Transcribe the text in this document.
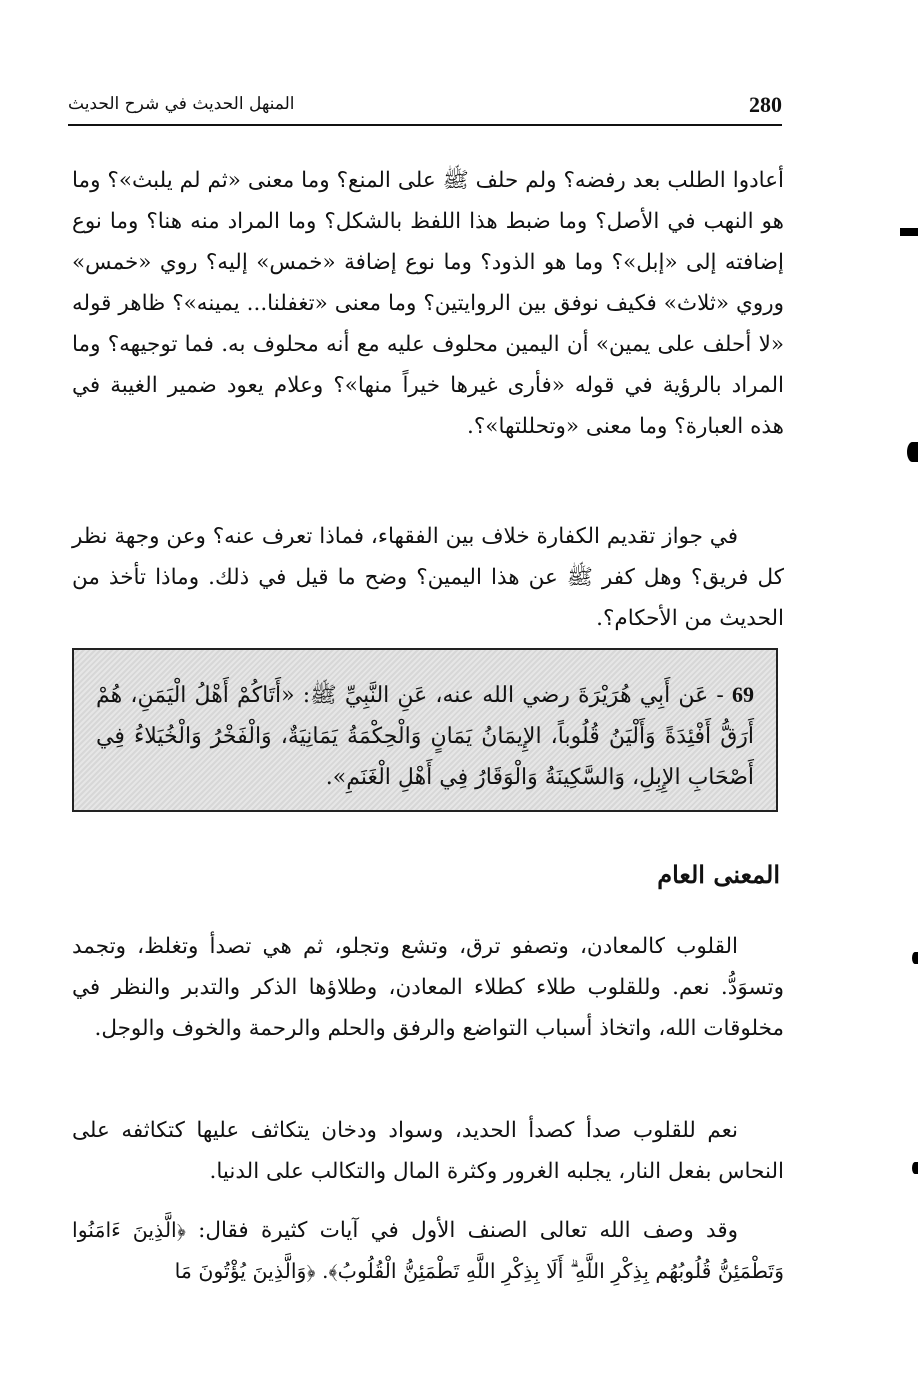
280
المنهل الحديث في شرح الحديث

أعادوا الطلب بعد رفضه؟ ولم حلف ﷺ على المنع؟ وما معنى «ثم لم يلبث»؟ وما هو النهب في الأصل؟ وما ضبط هذا اللفظ بالشكل؟ وما المراد منه هنا؟ وما نوع إضافته إلى «إبل»؟ وما هو الذود؟ وما نوع إضافة «خمس» إليه؟ روي «خمس» وروي «ثلاث» فكيف نوفق بين الروايتين؟ وما معنى «تغفلنا... يمينه»؟ ظاهر قوله «لا أحلف على يمين» أن اليمين محلوف عليه مع أنه محلوف به. فما توجيهه؟ وما المراد بالرؤية في قوله «فأرى غيرها خيراً منها»؟ وعلام يعود ضمير الغيبة في هذه العبارة؟ وما معنى «وتحللتها»؟.

في جواز تقديم الكفارة خلاف بين الفقهاء، فماذا تعرف عنه؟ وعن وجهة نظر كل فريق؟ وهل كفر ﷺ عن هذا اليمين؟ وضح ما قيل في ذلك. وماذا تأخذ من الحديث من الأحكام؟.

69 - عَن أَبِي هُرَيْرَةَ رضي الله عنه، عَنِ النَّبِيِّ ﷺ: «أَتَاكُمْ أَهْلُ الْيَمَنِ، هُمْ أَرَقُّ أَفْئِدَةً وَأَلْيَنُ قُلُوباً، الإِيمَانُ يَمَانٍ وَالْحِكْمَةُ يَمَانِيَةٌ، وَالْفَخْرُ وَالْخُيَلاءُ فِي أَصْحَابِ الإِبِلِ، وَالسَّكِينَةُ وَالْوَقَارُ فِي أَهْلِ الْغَنَمِ».
المعنى العام

القلوب كالمعادن، وتصفو ترق، وتشع وتجلو، ثم هي تصدأ وتغلظ، وتجمد وتسوَدُّ. نعم. وللقلوب طلاء كطلاء المعادن، وطلاؤها الذكر والتدبر والنظر في مخلوقات الله، واتخاذ أسباب التواضع والرفق والحلم والرحمة والخوف والوجل.

نعم للقلوب صدأ كصدأ الحديد، وسواد ودخان يتكاثف عليها كتكاثفه على النحاس بفعل النار، يجلبه الغرور وكثرة المال والتكالب على الدنيا.

وقد وصف الله تعالى الصنف الأول في آيات كثيرة فقال: ﴿الَّذِينَ ءَامَنُوا وَتَطْمَئِنُّ قُلُوبُهُم بِذِكْرِ اللَّهِ ۗ أَلَا بِذِكْرِ اللَّهِ تَطْمَئِنُّ الْقُلُوبُ﴾. ﴿وَالَّذِينَ يُؤْتُونَ مَا
